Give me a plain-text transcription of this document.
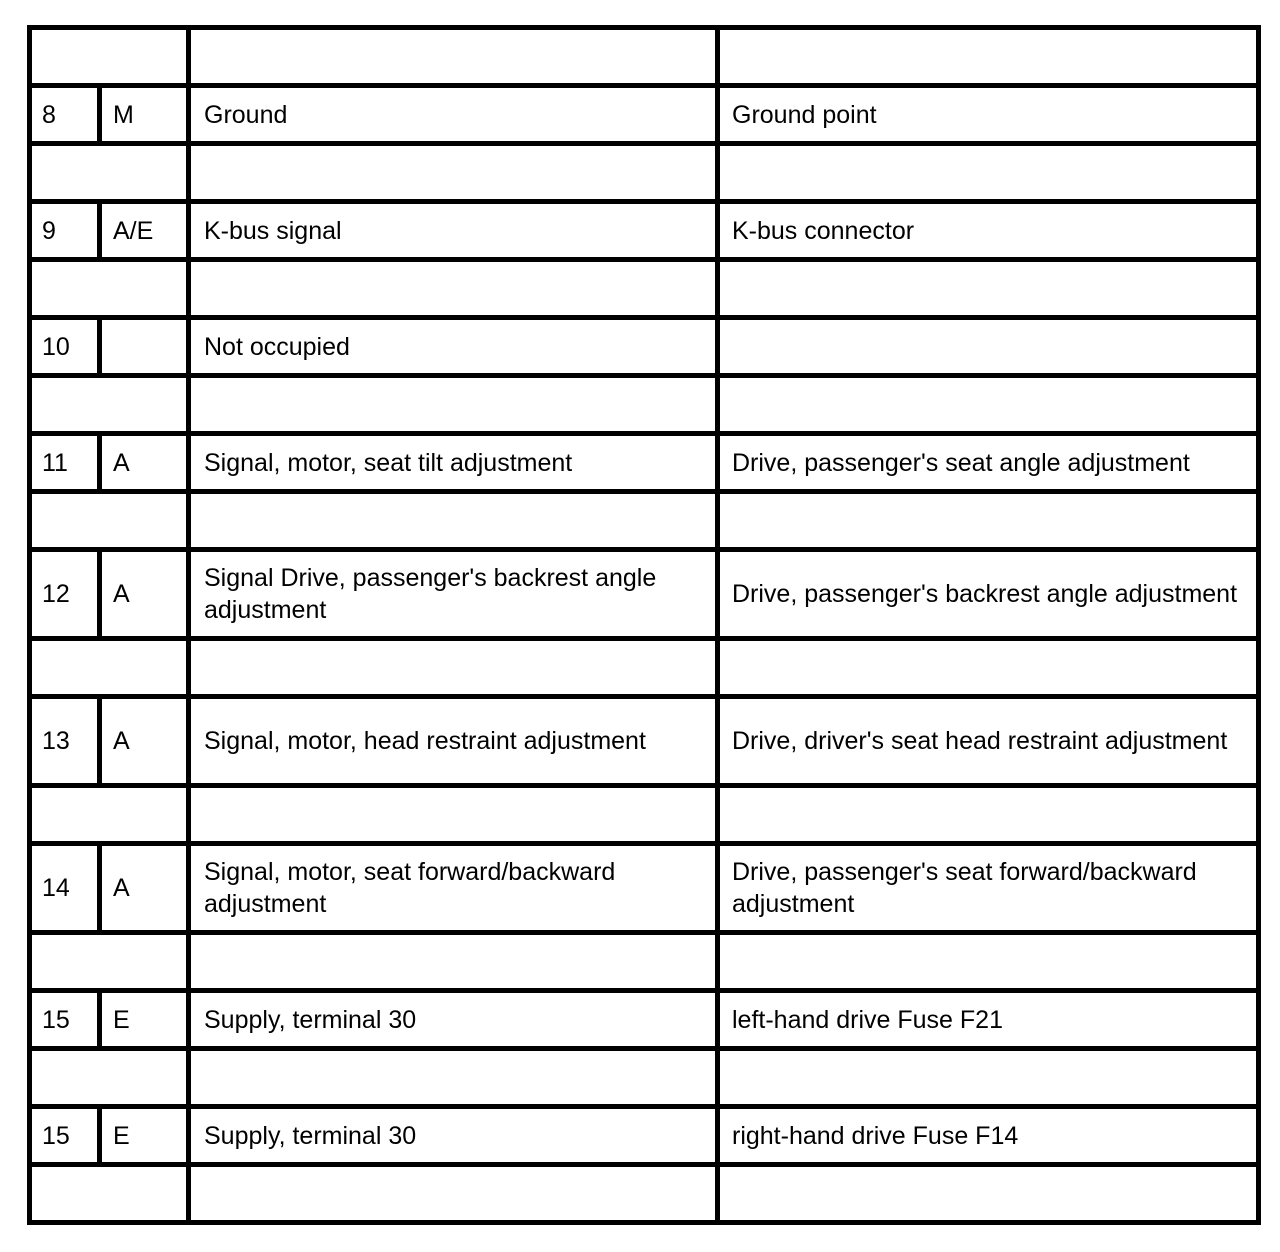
8	M	Ground	Ground point

9	A/E	K-bus signal	K-bus connector

10		Not occupied	

11	A	Signal, motor, seat tilt adjustment	Drive, passenger's seat angle adjustment

12	A	Signal Drive, passenger's backrest angle adjustment	Drive, passenger's backrest angle adjustment

13	A	Signal, motor, head restraint adjustment	Drive, driver's seat head restraint adjustment

14	A	Signal, motor, seat forward/backward adjustment	Drive, passenger's seat forward/backward adjustment

15	E	Supply, terminal 30	left-hand drive Fuse F21

15	E	Supply, terminal 30	right-hand drive Fuse F14
